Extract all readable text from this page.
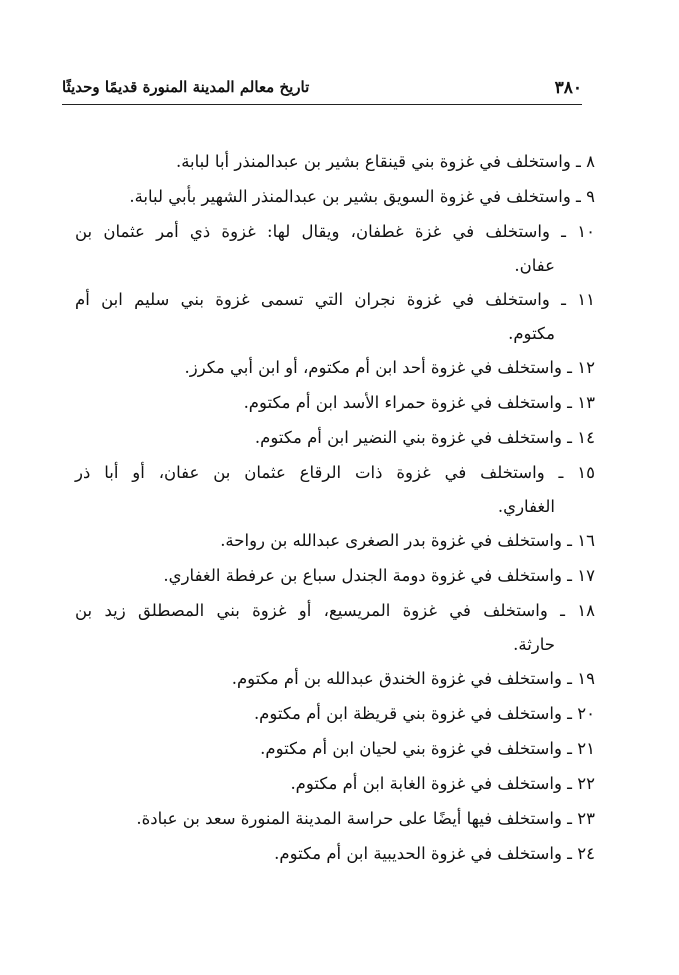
٣٨٠
تاريخ معالم المدينة المنورة قديمًا وحديثًا

٨ ـ واستخلف في غزوة بني قينقاع بشير بن عبدالمنذر أبا لبابة.

٩ ـ واستخلف في غزوة السويق بشير بن عبدالمنذر الشهير بأبي لبابة.

١٠ ـ واستخلف في غزة غطفان، ويقال لها: غزوة ذي أمر عثمان بن
عفان.

١١ ـ واستخلف في غزوة نجران التي تسمى غزوة بني سليم ابن أم
مكتوم.

١٢ ـ واستخلف في غزوة أحد ابن أم مكتوم، أو ابن أبي مكرز.

١٣ ـ واستخلف في غزوة حمراء الأسد ابن أم مكتوم.

١٤ ـ واستخلف في غزوة بني النضير ابن أم مكتوم.

١٥ ـ واستخلف في غزوة ذات الرقاع عثمان بن عفان، أو أبا ذر
الغفاري.

١٦ ـ واستخلف في غزوة بدر الصغرى عبدالله بن رواحة.

١٧ ـ واستخلف في غزوة دومة الجندل سباع بن عرفطة الغفاري.

١٨ ـ واستخلف في غزوة المريسيع، أو غزوة بني المصطلق زيد بن
حارثة.

١٩ ـ واستخلف في غزوة الخندق عبدالله بن أم مكتوم.

٢٠ ـ واستخلف في غزوة بني قريظة ابن أم مكتوم.

٢١ ـ واستخلف في غزوة بني لحيان ابن أم مكتوم.

٢٢ ـ واستخلف في غزوة الغابة ابن أم مكتوم.

٢٣ ـ واستخلف فيها أيضًا على حراسة المدينة المنورة سعد بن عبادة.

٢٤ ـ واستخلف في غزوة الحديبية ابن أم مكتوم.
